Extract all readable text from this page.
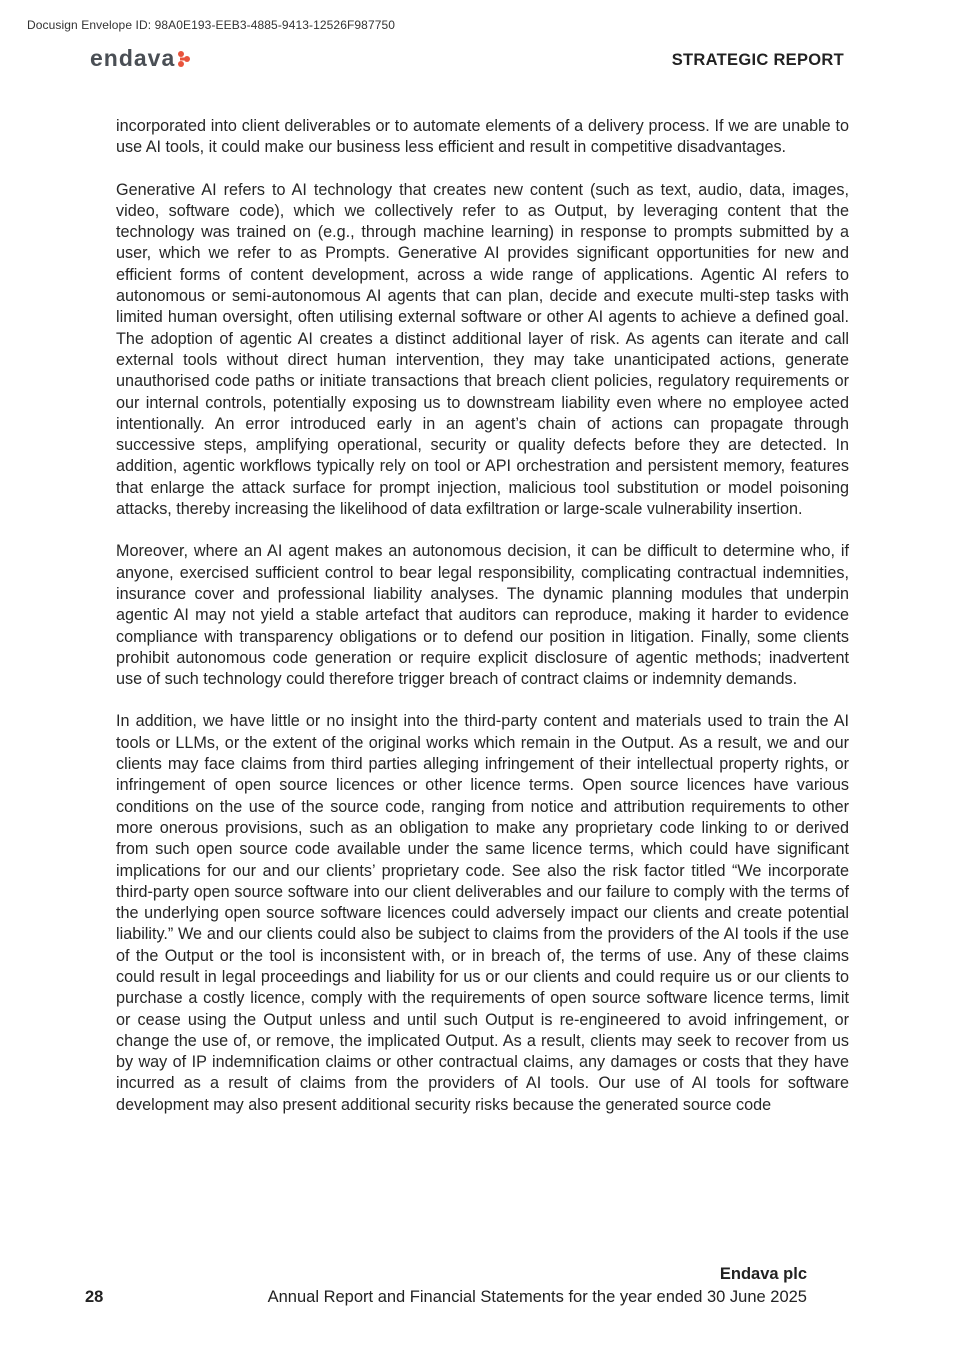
Docusign Envelope ID: 98A0E193-EEB3-4885-9413-12526F987750
endava	STRATEGIC REPORT

incorporated into client deliverables or to automate elements of a delivery process. If we are unable to use AI tools, it could make our business less efficient and result in competitive disadvantages.

Generative AI refers to AI technology that creates new content (such as text, audio, data, images, video, software code), which we collectively refer to as Output, by leveraging content that the technology was trained on (e.g., through machine learning) in response to prompts submitted by a user, which we refer to as Prompts. Generative AI provides significant opportunities for new and efficient forms of content development, across a wide range of applications. Agentic AI refers to autonomous or semi-autonomous AI agents that can plan, decide and execute multi-step tasks with limited human oversight, often utilising external software or other AI agents to achieve a defined goal. The adoption of agentic AI creates a distinct additional layer of risk. As agents can iterate and call external tools without direct human intervention, they may take unanticipated actions, generate unauthorised code paths or initiate transactions that breach client policies, regulatory requirements or our internal controls, potentially exposing us to downstream liability even where no employee acted intentionally. An error introduced early in an agent’s chain of actions can propagate through successive steps, amplifying operational, security or quality defects before they are detected. In addition, agentic workflows typically rely on tool or API orchestration and persistent memory, features that enlarge the attack surface for prompt injection, malicious tool substitution or model poisoning attacks, thereby increasing the likelihood of data exfiltration or large-scale vulnerability insertion.

Moreover, where an AI agent makes an autonomous decision, it can be difficult to determine who, if anyone, exercised sufficient control to bear legal responsibility, complicating contractual indemnities, insurance cover and professional liability analyses. The dynamic planning modules that underpin agentic AI may not yield a stable artefact that auditors can reproduce, making it harder to evidence compliance with transparency obligations or to defend our position in litigation. Finally, some clients prohibit autonomous code generation or require explicit disclosure of agentic methods; inadvertent use of such technology could therefore trigger breach of contract claims or indemnity demands.

In addition, we have little or no insight into the third-party content and materials used to train the AI tools or LLMs, or the extent of the original works which remain in the Output. As a result, we and our clients may face claims from third parties alleging infringement of their intellectual property rights, or infringement of open source licences or other licence terms. Open source licences have various conditions on the use of the source code, ranging from notice and attribution requirements to other more onerous provisions, such as an obligation to make any proprietary code linking to or derived from such open source code available under the same licence terms, which could have significant implications for our and our clients’ proprietary code. See also the risk factor titled “We incorporate third-party open source software into our client deliverables and our failure to comply with the terms of the underlying open source software licences could adversely impact our clients and create potential liability.” We and our clients could also be subject to claims from the providers of the AI tools if the use of the Output or the tool is inconsistent with, or in breach of, the terms of use. Any of these claims could result in legal proceedings and liability for us or our clients and could require us or our clients to purchase a costly licence, comply with the requirements of open source software licence terms, limit or cease using the Output unless and until such Output is re-engineered to avoid infringement, or change the use of, or remove, the implicated Output. As a result, clients may seek to recover from us by way of IP indemnification claims or other contractual claims, any damages or costs that they have incurred as a result of claims from the providers of AI tools. Our use of AI tools for software development may also present additional security risks because the generated source code

Endava plc
28	Annual Report and Financial Statements for the year ended 30 June 2025
